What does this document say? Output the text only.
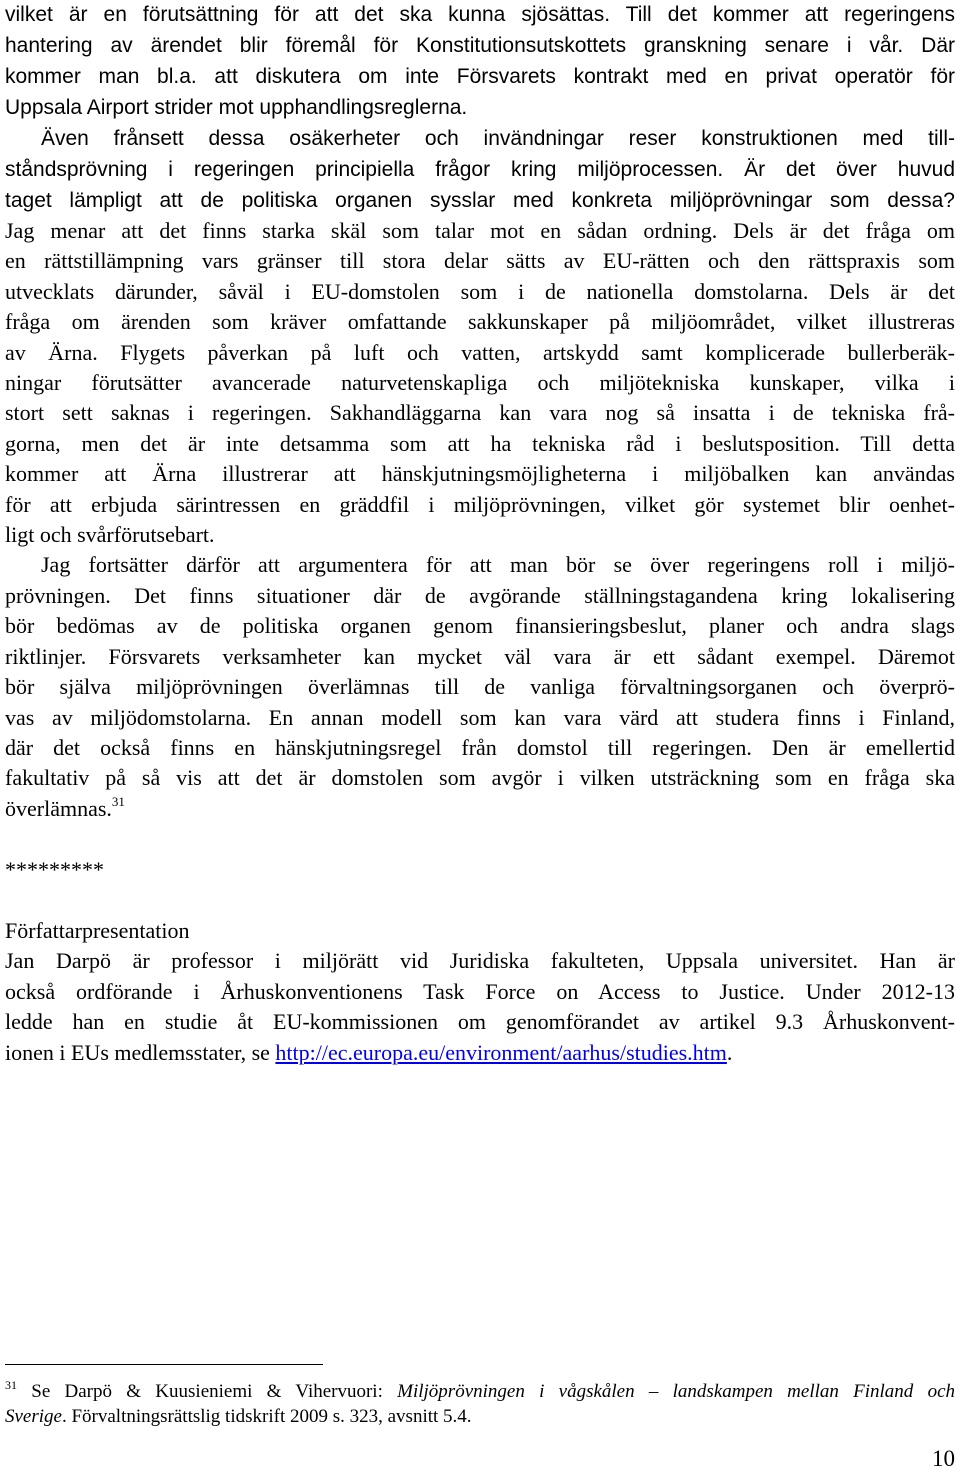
vilket är en förutsättning för att det ska kunna sjösättas. Till det kommer att regeringens
hantering av ärendet blir föremål för Konstitutionsutskottets granskning senare i vår. Där
kommer man bl.a. att diskutera om inte Försvarets kontrakt med en privat operatör för
Uppsala Airport strider mot upphandlingsreglerna.
Även frånsett dessa osäkerheter och invändningar reser konstruktionen med till-
ståndsprövning i regeringen principiella frågor kring miljöprocessen. Är det över huvud
taget lämpligt att de politiska organen sysslar med konkreta miljöprövningar som dessa?
Jag menar att det finns starka skäl som talar mot en sådan ordning. Dels är det fråga om
en rättstillämpning vars gränser till stora delar sätts av EU-rätten och den rättspraxis som
utvecklats därunder, såväl i EU-domstolen som i de nationella domstolarna. Dels är det
fråga om ärenden som kräver omfattande sakkunskaper på miljöområdet, vilket illustreras
av Ärna. Flygets påverkan på luft och vatten, artskydd samt komplicerade bullerberäk-
ningar förutsätter avancerade naturvetenskapliga och miljötekniska kunskaper, vilka i
stort sett saknas i regeringen. Sakhandläggarna kan vara nog så insatta i de tekniska frå-
gorna, men det är inte detsamma som att ha tekniska råd i beslutsposition. Till detta
kommer att Ärna illustrerar att hänskjutningsmöjligheterna i miljöbalken kan användas
för att erbjuda särintressen en gräddfil i miljöprövningen, vilket gör systemet blir oenhet-
ligt och svårförutsebart.
Jag fortsätter därför att argumentera för att man bör se över regeringens roll i miljö-
prövningen. Det finns situationer där de avgörande ställningstagandena kring lokalisering
bör bedömas av de politiska organen genom finansieringsbeslut, planer och andra slags
riktlinjer. Försvarets verksamheter kan mycket väl vara är ett sådant exempel. Däremot
bör själva miljöprövningen överlämnas till de vanliga förvaltningsorganen och överprö-
vas av miljödomstolarna. En annan modell som kan vara värd att studera finns i Finland,
där det också finns en hänskjutningsregel från domstol till regeringen. Den är emellertid
fakultativ på så vis att det är domstolen som avgör i vilken utsträckning som en fråga ska
överlämnas.$^{31}$
*********
Författarpresentation
Jan Darpö är professor i miljörätt vid Juridiska fakulteten, Uppsala universitet. Han är
också ordförande i Århuskonventionens Task Force on Access to Justice. Under 2012-13
ledde han en studie åt EU-kommissionen om genomförandet av artikel 9.3 Århuskonvent-
ionen i EUs medlemsstater, se http://ec.europa.eu/environment/aarhus/studies.htm.
$^{31}$ Se Darpö & Kuusieniemi & Vihervuori: Miljöprövningen i vågskålen – landskampen mellan Finland och
Sverige. Förvaltningsrättslig tidskrift 2009 s. 323, avsnitt 5.4.
10
